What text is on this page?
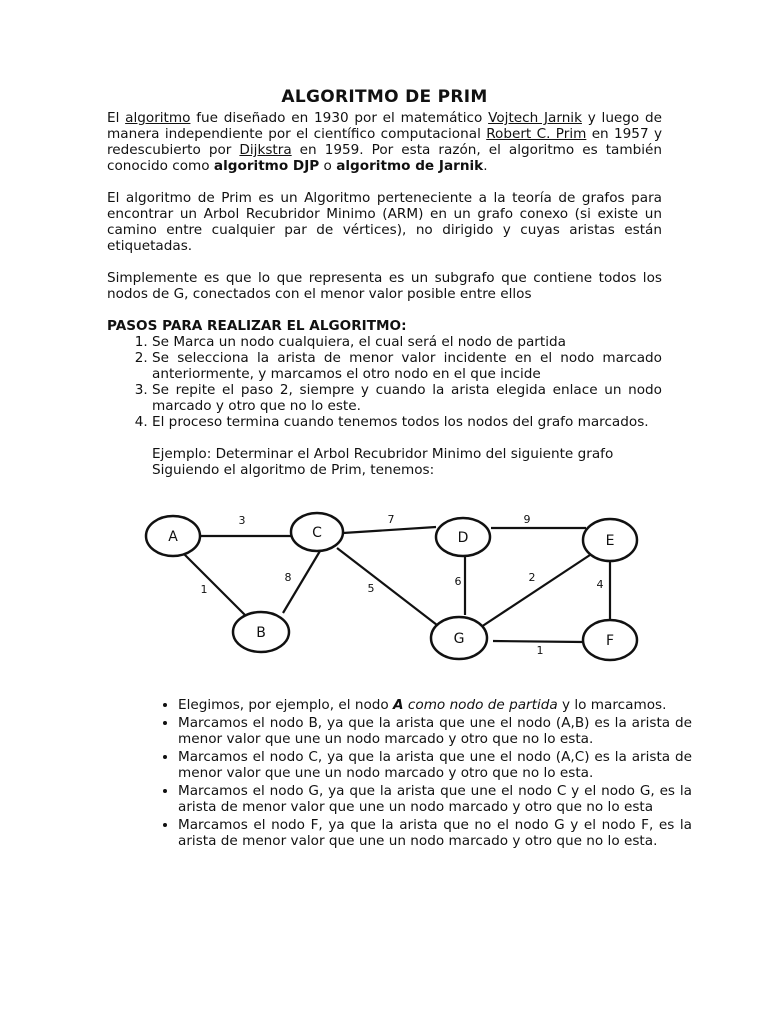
ALGORITMO DE PRIM

El algoritmo fue diseñado en 1930 por el matemático Vojtech Jarnik y luego de manera independiente por el científico computacional Robert C. Prim en 1957 y redescubierto por Dijkstra en 1959. Por esta razón, el algoritmo es también conocido como algoritmo DJP o algoritmo de Jarnik.

El algoritmo de Prim es un Algoritmo perteneciente a la teoría de grafos para encontrar un Arbol Recubridor Minimo (ARM) en un grafo conexo (si existe un camino entre cualquier par de vértices), no dirigido y cuyas aristas están etiquetadas.

Simplemente es que lo que representa es un subgrafo que contiene todos los nodos de G, conectados con el menor valor posible entre ellos

PASOS PARA REALIZAR EL ALGORITMO:
1. Se Marca un nodo cualquiera, el cual será el nodo de partida
2. Se selecciona la arista de menor valor incidente en el nodo marcado anteriormente, y marcamos el otro nodo en el que incide
3. Se repite el paso 2, siempre y cuando la arista elegida enlace un nodo marcado y otro que no lo este.
4. El proceso termina cuando tenemos todos los nodos del grafo marcados.
Ejemplo: Determinar el Arbol Recubridor Minimo del siguiente grafo
Siguiendo el algoritmo de Prim, tenemos:
A
B
C	D	E
F
G
3
1
8
7
5
9
6	2
4
1
• Elegimos, por ejemplo, el nodo A como nodo de partida y lo marcamos.
• Marcamos el nodo B, ya que la arista que une el nodo (A,B) es la arista de menor valor que une un nodo marcado y otro que no lo esta.
• Marcamos el nodo C, ya que la arista que une el nodo (A,C) es la arista de menor valor que une un nodo marcado y otro que no lo esta.
• Marcamos el nodo G, ya que la arista que une el nodo C y el nodo G, es la arista de menor valor que une un nodo marcado y otro que no lo esta
• Marcamos el nodo F, ya que la arista que no el nodo G y el nodo F, es la arista de menor valor que une un nodo marcado y otro que no lo esta.
